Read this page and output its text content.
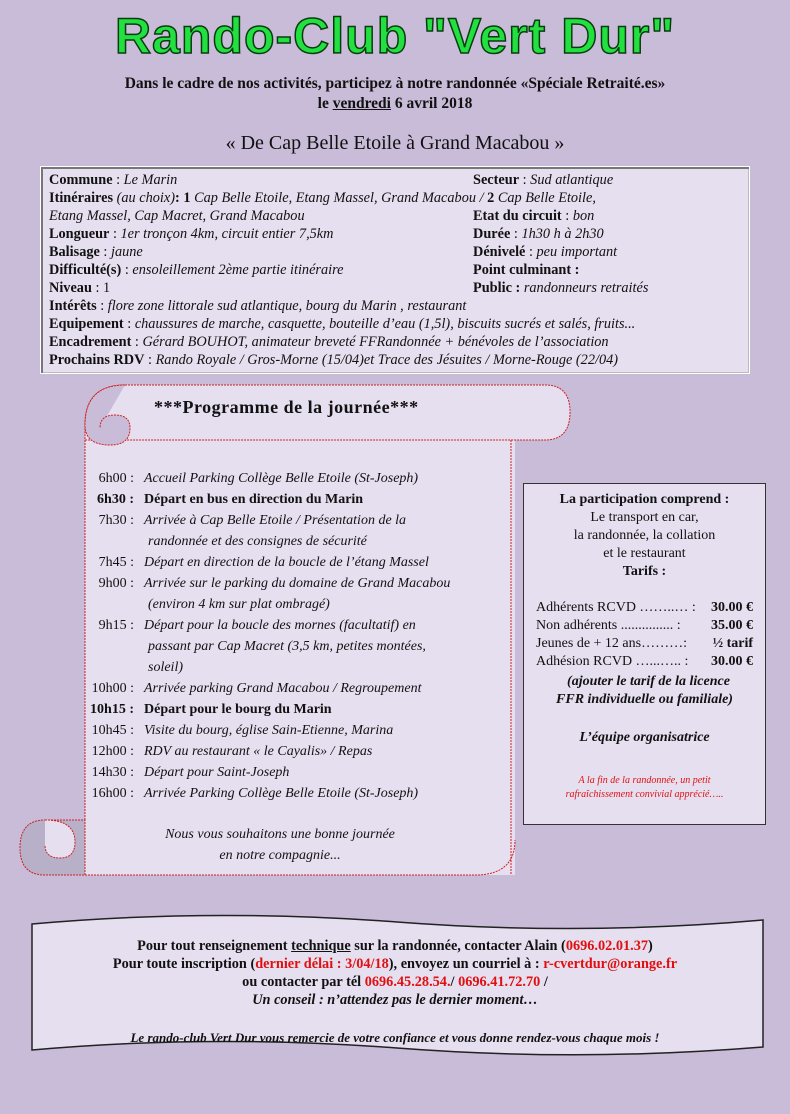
Rando-Club "Vert Dur"
Dans le cadre de nos activités, participez à notre randonnée «Spéciale Retraité.es»
le vendredi 6 avril 2018
« De Cap Belle Etoile à Grand Macabou »
Commune : Le Marin	Secteur : Sud atlantique
Itinéraires (au choix): 1 Cap Belle Etoile, Etang Massel, Grand Macabou / 2 Cap Belle Etoile,
Etang Massel, Cap Macret, Grand Macabou	Etat du circuit : bon
Longueur : 1er tronçon 4km, circuit entier 7,5km	Durée : 1h30 h à 2h30
Balisage : jaune	Dénivelé : peu important
Difficulté(s) : ensoleillement 2ème partie itinéraire	Point culminant :
Niveau : 1	Public : randonneurs retraités
Intérêts : flore zone littorale sud atlantique, bourg du Marin , restaurant
Equipement : chaussures de marche, casquette, bouteille d’eau (1,5l), biscuits sucrés et salés, fruits...
Encadrement : Gérard BOUHOT, animateur breveté FFRandonnée + bénévoles de l’association
Prochains RDV : Rando Royale / Gros-Morne (15/04)et Trace des Jésuites / Morne-Rouge (22/04)
***Programme de la journée***
6h00 : Accueil Parking Collège Belle Etoile (St-Joseph)
6h30 : Départ en bus en direction du Marin
7h30 : Arrivée à Cap Belle Etoile / Présentation de la
randonnée et des consignes de sécurité
7h45 : Départ en direction de la boucle de l’étang Massel
9h00 : Arrivée sur le parking du domaine de Grand Macabou
(environ 4 km sur plat ombragé)
9h15 : Départ pour la boucle des mornes (facultatif) en
passant par Cap Macret (3,5 km, petites montées,
soleil)
10h00 : Arrivée parking Grand Macabou / Regroupement
10h15 : Départ pour le bourg du Marin
10h45 : Visite du bourg, église Sain-Etienne, Marina
12h00 : RDV au restaurant « le Cayalis» / Repas
14h30 : Départ pour Saint-Joseph
16h00 : Arrivée Parking Collège Belle Etoile (St-Joseph)
Nous vous souhaitons une bonne journée
en notre compagnie...
La participation comprend :
Le transport en car,
la randonnée, la collation
et le restaurant
Tarifs :
Adhérents RCVD ……..… : 30.00 €
Non adhérents ............... : 35.00 €
Jeunes de + 12 ans………: ½ tarif
Adhésion RCVD …...….. : 30.00 €
(ajouter le tarif de la licence
FFR individuelle ou familiale)
L’équipe organisatrice
A la fin de la randonnée, un petit
rafraîchissement convivial apprécié…..
Pour tout renseignement technique sur la randonnée, contacter Alain (0696.02.01.37)
Pour toute inscription (dernier délai : 3/04/18), envoyez un courriel à : r-cvertdur@orange.fr
ou contacter par tél 0696.45.28.54./ 0696.41.72.70 /
Un conseil : n’attendez pas le dernier moment…
Le rando-club Vert Dur vous remercie de votre confiance et vous donne rendez-vous chaque mois !
